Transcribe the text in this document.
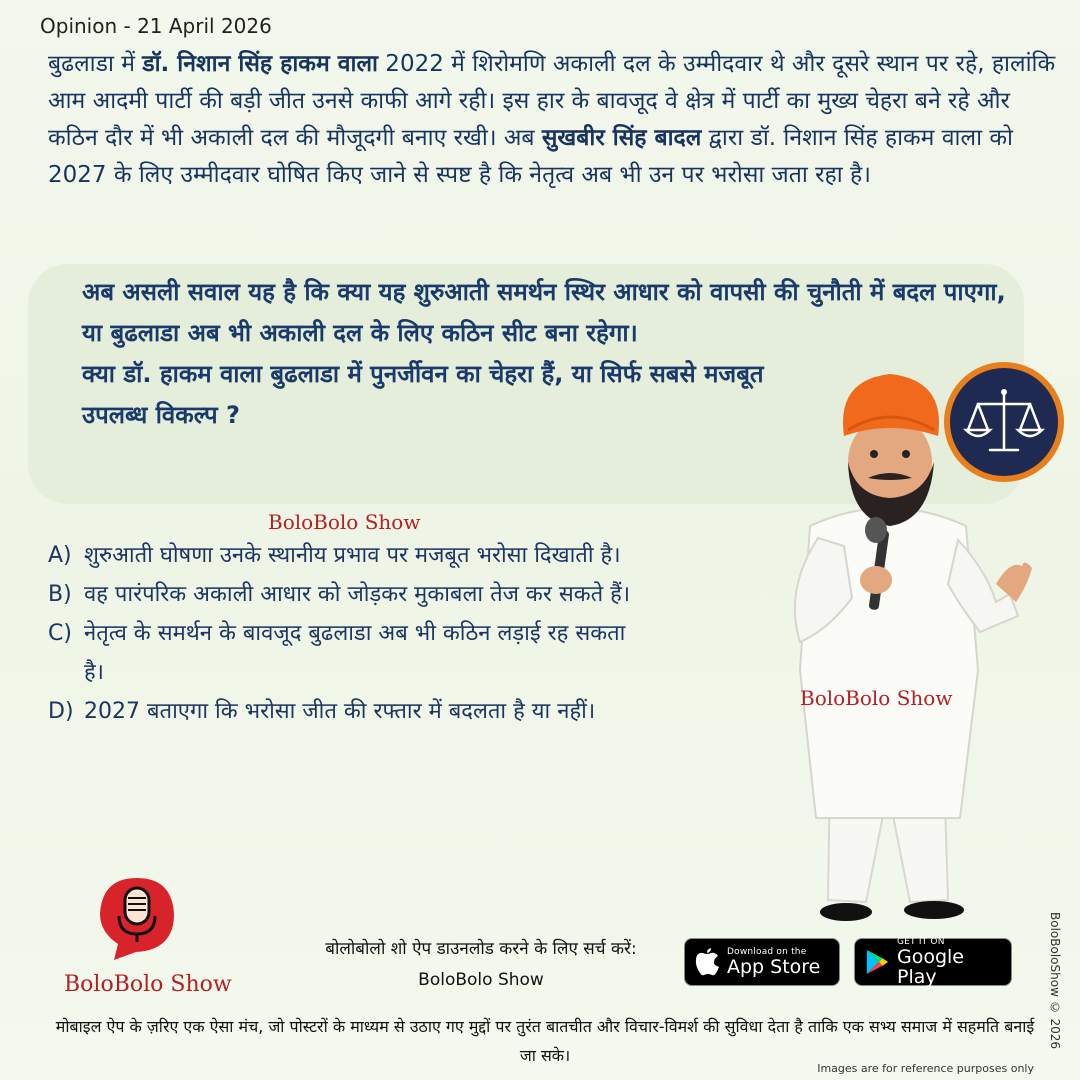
Opinion - 21 April 2026

बुढलाडा में डॉ. निशान सिंह हाकम वाला 2022 में शिरोमणि अकाली दल के उम्मीदवार थे और दूसरे स्थान पर रहे, हालांकि आम आदमी पार्टी की बड़ी जीत उनसे काफी आगे रही। इस हार के बावजूद वे क्षेत्र में पार्टी का मुख्य चेहरा बने रहे और कठिन दौर में भी अकाली दल की मौजूदगी बनाए रखी। अब सुखबीर सिंह बादल द्वारा डॉ. निशान सिंह हाकम वाला को 2027 के लिए उम्मीदवार घोषित किए जाने से स्पष्ट है कि नेतृत्व अब भी उन पर भरोसा जता रहा है।

अब असली सवाल यह है कि क्या यह शुरुआती समर्थन स्थिर आधार को वापसी की चुनौती में बदल पाएगा, या बुढलाडा अब भी अकाली दल के लिए कठिन सीट बना रहेगा।
क्या डॉ. हाकम वाला बुढलाडा में पुनर्जीवन का चेहरा हैं, या सिर्फ सबसे मजबूत उपलब्ध विकल्प ?
BoloBolo Show
A) शुरुआती घोषणा उनके स्थानीय प्रभाव पर मजबूत भरोसा दिखाती है।
B) वह पारंपरिक अकाली आधार को जोड़कर मुकाबला तेज कर सकते हैं।
C) नेतृत्व के समर्थन के बावजूद बुढलाडा अब भी कठिन लड़ाई रह सकता है।
D) 2027 बताएगा कि भरोसा जीत की रफ्तार में बदलता है या नहीं।
BoloBolo Show
BoloBolo Show
बोलोबोलो शो ऐप डाउनलोड करने के लिए सर्च करें:
BoloBolo Show
Download on the
App Store
GET IT ON
Google Play
मोबाइल ऐप के ज़रिए एक ऐसा मंच, जो पोस्टरों के माध्यम से उठाए गए मुद्दों पर तुरंत बातचीत और विचार-विमर्श की सुविधा देता है ताकि एक सभ्य समाज में सहमति बनाई जा सके।
Images are for reference purposes only
BoloBoloShow © 2026
